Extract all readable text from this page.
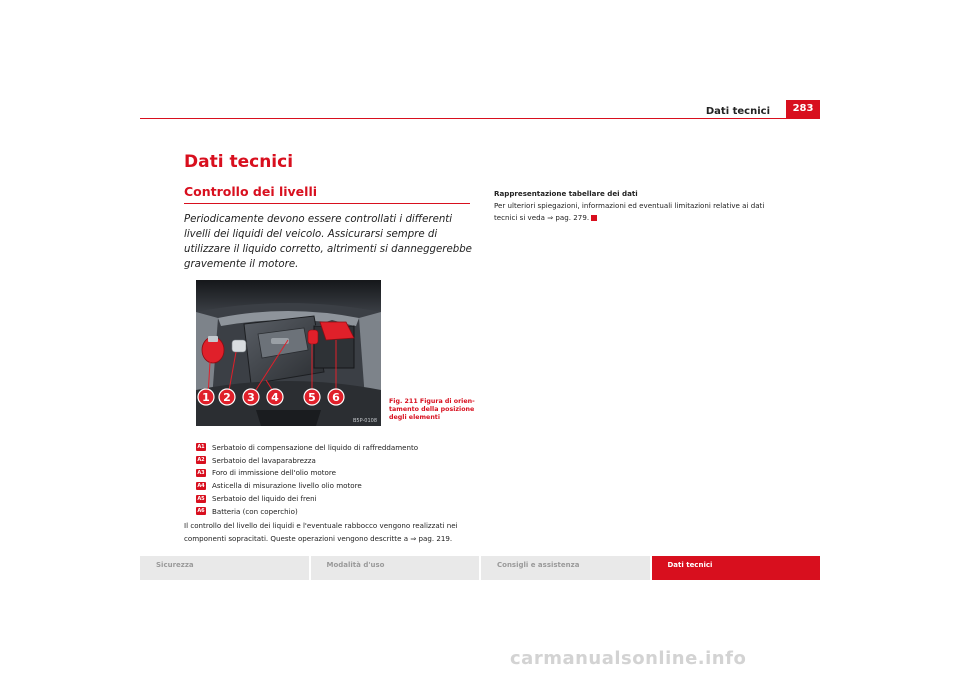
Dati tecnici	283
Dati tecnici
Controllo dei livelli
Periodicamente devono essere controllati i differenti livelli dei liquidi del veicolo. Assicurarsi sempre di utilizzare il liquido corretto, altrimenti si danneggerebbe gravemente il motore.
1 2 3 4	5 6
B5P-0108
Fig. 211 Figura di orien-tamento della posizione degli elementi
A1 Serbatoio di compensazione del liquido di raffreddamento
A2 Serbatoio del lavaparabrezza
A3 Foro di immissione dell'olio motore
A4 Asticella di misurazione livello olio motore
A5 Serbatoio del liquido dei freni
A6 Batteria (con coperchio)
Il controllo del livello dei liquidi e l'eventuale rabbocco vengono realizzati nei componenti sopracitati. Queste operazioni vengono descritte a ⇒ pag. 219.
Rappresentazione tabellare dei dati
Per ulteriori spiegazioni, informazioni ed eventuali limitazioni relative ai dati tecnici si veda ⇒ pag. 279.
Sicurezza	Modalità d'uso	Consigli e assistenza	Dati tecnici
carmanualsonline.info
